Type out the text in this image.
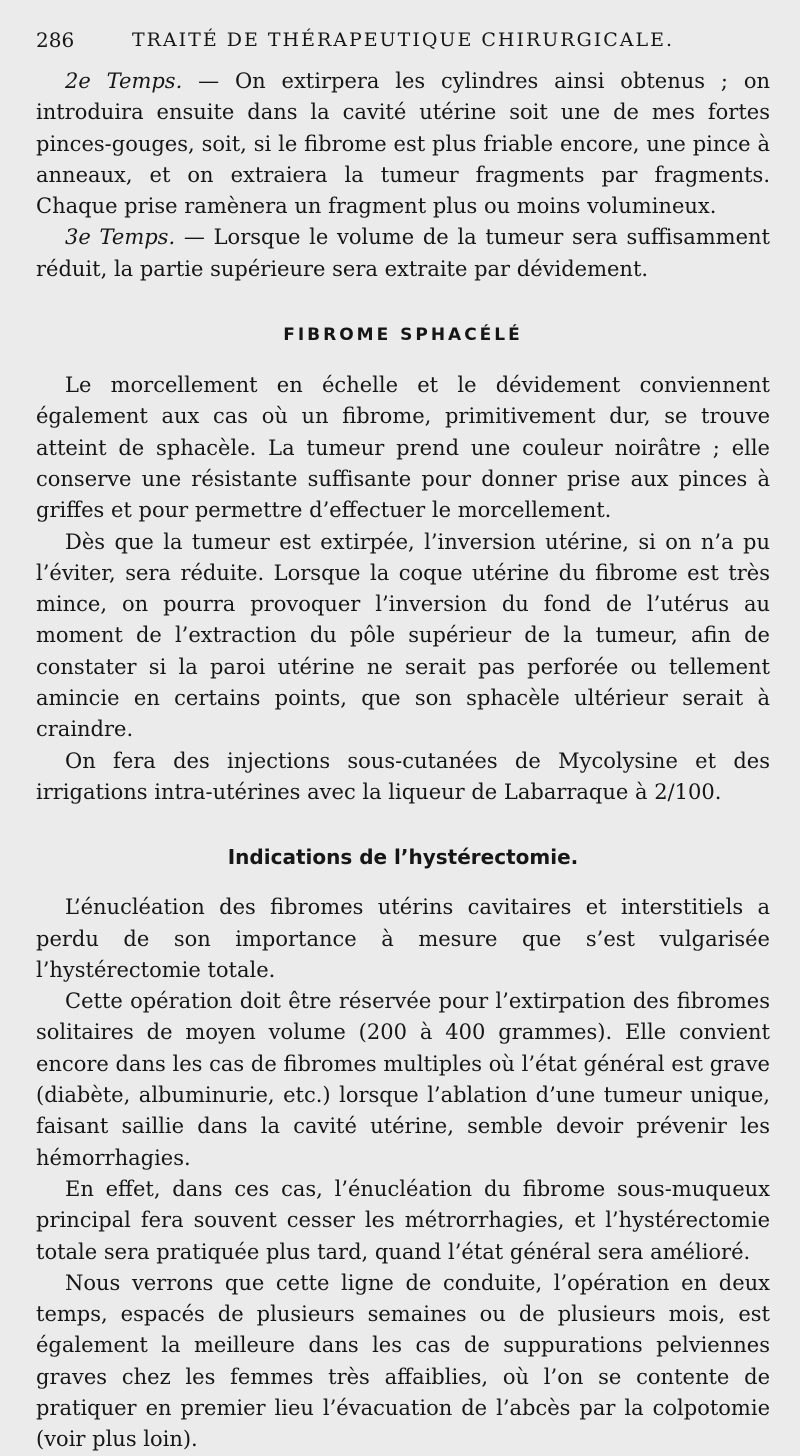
286	TRAITÉ DE THÉRAPEUTIQUE CHIRURGICALE.

2e Temps. — On extirpera les cylindres ainsi obtenus ; on introduira ensuite dans la cavité utérine soit une de mes fortes pinces-gouges, soit, si le fibrome est plus friable encore, une pince à anneaux, et on extraiera la tumeur fragments par fragments. Chaque prise ramènera un fragment plus ou moins volumineux.

3e Temps. — Lorsque le volume de la tumeur sera suffisamment réduit, la partie supérieure sera extraite par dévidement.

FIBROME SPHACÉLÉ

Le morcellement en échelle et le dévidement conviennent également aux cas où un fibrome, primitivement dur, se trouve atteint de sphacèle. La tumeur prend une couleur noirâtre ; elle conserve une résistante suffisante pour donner prise aux pinces à griffes et pour permettre d’effectuer le morcellement.

Dès que la tumeur est extirpée, l’inversion utérine, si on n’a pu l’éviter, sera réduite. Lorsque la coque utérine du fibrome est très mince, on pourra provoquer l’inversion du fond de l’utérus au moment de l’extraction du pôle supérieur de la tumeur, afin de constater si la paroi utérine ne serait pas perforée ou tellement amincie en certains points, que son sphacèle ultérieur serait à craindre.

On fera des injections sous-cutanées de Mycolysine et des irrigations intra-utérines avec la liqueur de Labarraque à 2/100.

Indications de l’hystérectomie.

L’énucléation des fibromes utérins cavitaires et interstitiels a perdu de son importance à mesure que s’est vulgarisée l’hystérectomie totale.

Cette opération doit être réservée pour l’extirpation des fibromes solitaires de moyen volume (200 à 400 grammes). Elle convient encore dans les cas de fibromes multiples où l’état général est grave (diabète, albuminurie, etc.) lorsque l’ablation d’une tumeur unique, faisant saillie dans la cavité utérine, semble devoir prévenir les hémorrhagies.

En effet, dans ces cas, l’énucléation du fibrome sous-muqueux principal fera souvent cesser les métrorrhagies, et l’hystérectomie totale sera pratiquée plus tard, quand l’état général sera amélioré.

Nous verrons que cette ligne de conduite, l’opération en deux temps, espacés de plusieurs semaines ou de plusieurs mois, est également la meilleure dans les cas de suppurations pelviennes graves chez les femmes très affaiblies, où l’on se contente de pratiquer en premier lieu l’évacuation de l’abcès par la colpotomie (voir plus loin).
